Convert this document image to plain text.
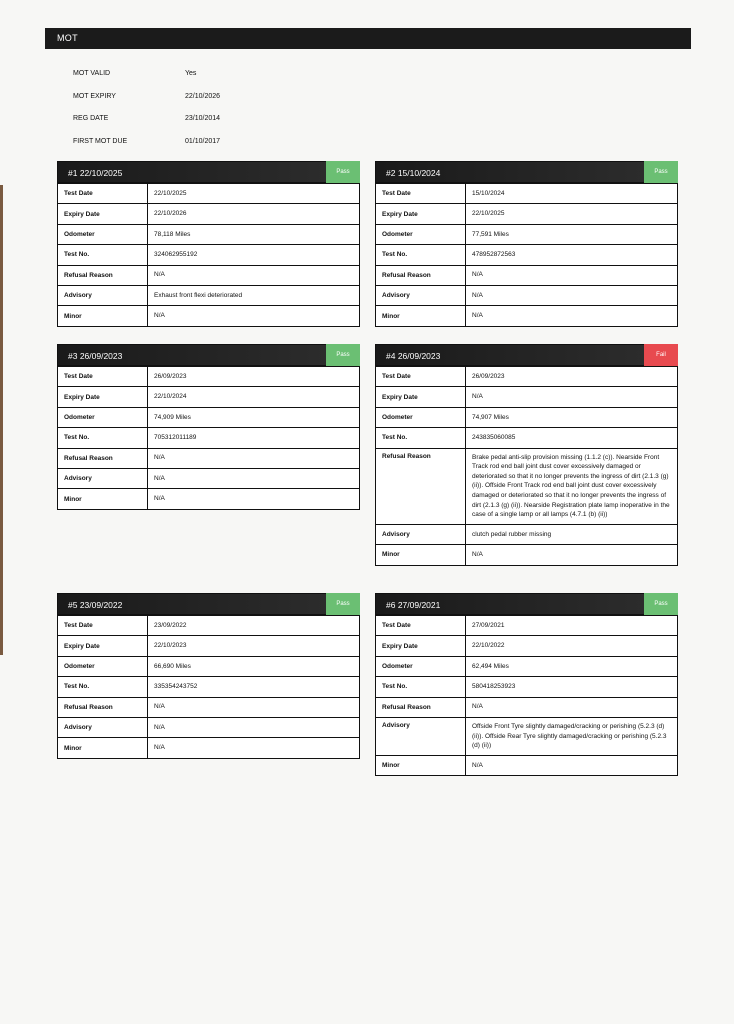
MOT
MOT VALID	Yes
MOT EXPIRY	22/10/2026
REG DATE	23/10/2014
FIRST MOT DUE	01/10/2017
#1 22/10/2025	Pass
Test Date	22/10/2025
Expiry Date	22/10/2026
Odometer	78,118 Miles
Test No.	324062955192
Refusal Reason	N/A
Advisory	Exhaust front flexi deteriorated
Minor	N/A
#2 15/10/2024	Pass
Test Date	15/10/2024
Expiry Date	22/10/2025
Odometer	77,591 Miles
Test No.	478952872563
Refusal Reason	N/A
Advisory	N/A
Minor	N/A
#3 26/09/2023	Pass
Test Date	26/09/2023
Expiry Date	22/10/2024
Odometer	74,909 Miles
Test No.	705312011189
Refusal Reason	N/A
Advisory	N/A
Minor	N/A
#4 26/09/2023	Fail
Test Date	26/09/2023
Expiry Date	N/A
Odometer	74,907 Miles
Test No.	243835060085
Refusal Reason	Brake pedal anti-slip provision missing (1.1.2 (c)). Nearside Front Track rod end ball joint dust cover excessively damaged or deteriorated so that it no longer prevents the ingress of dirt (2.1.3 (g) (ii)). Offside Front Track rod end ball joint dust cover excessively damaged or deteriorated so that it no longer prevents the ingress of dirt (2.1.3 (g) (ii)). Nearside Registration plate lamp inoperative in the case of a single lamp or all lamps (4.7.1 (b) (ii))
Advisory	clutch pedal rubber missing
Minor	N/A
#5 23/09/2022	Pass
Test Date	23/09/2022
Expiry Date	22/10/2023
Odometer	66,690 Miles
Test No.	335354243752
Refusal Reason	N/A
Advisory	N/A
Minor	N/A
#6 27/09/2021	Pass
Test Date	27/09/2021
Expiry Date	22/10/2022
Odometer	62,494 Miles
Test No.	580418253923
Refusal Reason	N/A
Advisory	Offside Front Tyre slightly damaged/cracking or perishing (5.2.3 (d) (ii)). Offside Rear Tyre slightly damaged/cracking or perishing (5.2.3 (d) (ii))
Minor	N/A
